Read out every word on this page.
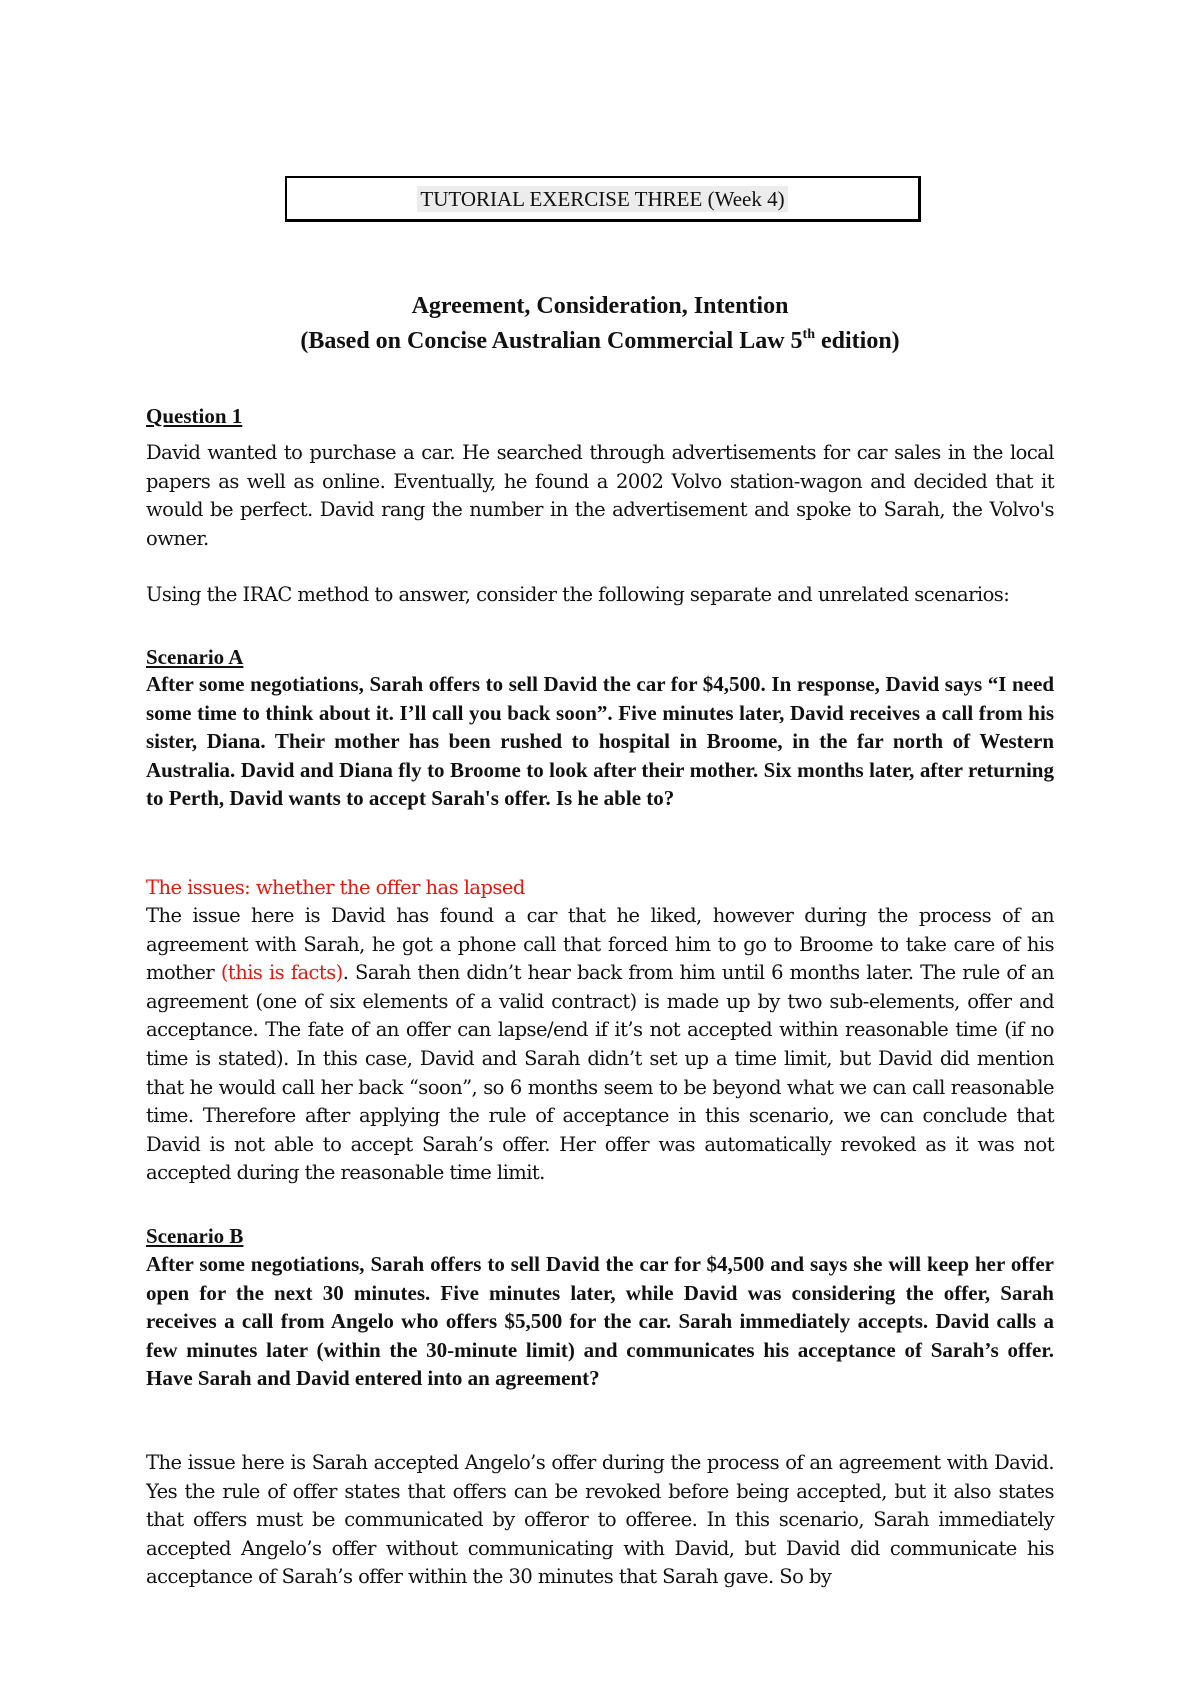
TUTORIAL EXERCISE THREE (Week 4)
Agreement, Consideration, Intention
(Based on Concise Australian Commercial Law 5th edition)
Question 1
David wanted to purchase a car. He searched through advertisements for car sales in the local papers as well as online. Eventually, he found a 2002 Volvo station-wagon and decided that it would be perfect. David rang the number in the advertisement and spoke to Sarah, the Volvo's owner.
Using the IRAC method to answer, consider the following separate and unrelated scenarios:
Scenario A
After some negotiations, Sarah offers to sell David the car for $4,500. In response, David says “I need some time to think about it. I’ll call you back soon”. Five minutes later, David receives a call from his sister, Diana. Their mother has been rushed to hospital in Broome, in the far north of Western Australia. David and Diana fly to Broome to look after their mother. Six months later, after returning to Perth, David wants to accept Sarah's offer. Is he able to?
The issues: whether the offer has lapsed
The issue here is David has found a car that he liked, however during the process of an agreement with Sarah, he got a phone call that forced him to go to Broome to take care of his mother (this is facts). Sarah then didn’t hear back from him until 6 months later. The rule of an agreement (one of six elements of a valid contract) is made up by two sub-elements, offer and acceptance. The fate of an offer can lapse/end if it’s not accepted within reasonable time (if no time is stated). In this case, David and Sarah didn’t set up a time limit, but David did mention that he would call her back “soon”, so 6 months seem to be beyond what we can call reasonable time. Therefore after applying the rule of acceptance in this scenario, we can conclude that David is not able to accept Sarah’s offer. Her offer was automatically revoked as it was not accepted during the reasonable time limit.
Scenario B
After some negotiations, Sarah offers to sell David the car for $4,500 and says she will keep her offer open for the next 30 minutes. Five minutes later, while David was considering the offer, Sarah receives a call from Angelo who offers $5,500 for the car. Sarah immediately accepts. David calls a few minutes later (within the 30-minute limit) and communicates his acceptance of Sarah’s offer. Have Sarah and David entered into an agreement?
The issue here is Sarah accepted Angelo’s offer during the process of an agreement with David. Yes the rule of offer states that offers can be revoked before being accepted, but it also states that offers must be communicated by offeror to offeree. In this scenario, Sarah immediately accepted Angelo’s offer without communicating with David, but David did communicate his acceptance of Sarah’s offer within the 30 minutes that Sarah gave. So by
